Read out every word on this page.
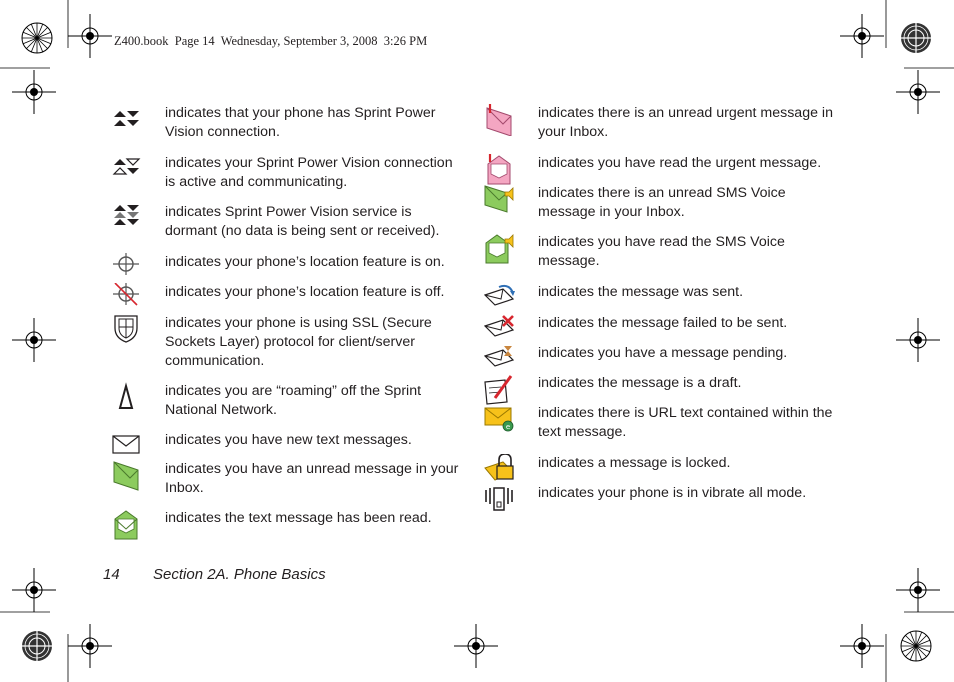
Z400.book  Page 14  Wednesday, September 3, 2008  3:26 PM
indicates that your phone has Sprint Power Vision connection.
indicates your Sprint Power Vision connection is active and communicating.
indicates Sprint Power Vision service is dormant (no data is being sent or received).
indicates your phone’s location feature is on.
indicates your phone’s location feature is off.
indicates your phone is using SSL (Secure Sockets Layer) protocol for client/server communication.
indicates you are “roaming” off the Sprint National Network.
indicates you have new text messages.
indicates you have an unread message in your Inbox.
indicates the text message has been read.
indicates there is an unread urgent message in your Inbox.
indicates you have read the urgent message.
indicates there is an unread SMS Voice message in your Inbox.
indicates you have read the SMS Voice message.
indicates the message was sent.
indicates the message failed to be sent.
indicates you have a message pending.
indicates the message is a draft.
e
indicates there is URL text contained within the text message.
indicates a message is locked.
indicates your phone is in vibrate all mode.
14 Section 2A. Phone Basics
